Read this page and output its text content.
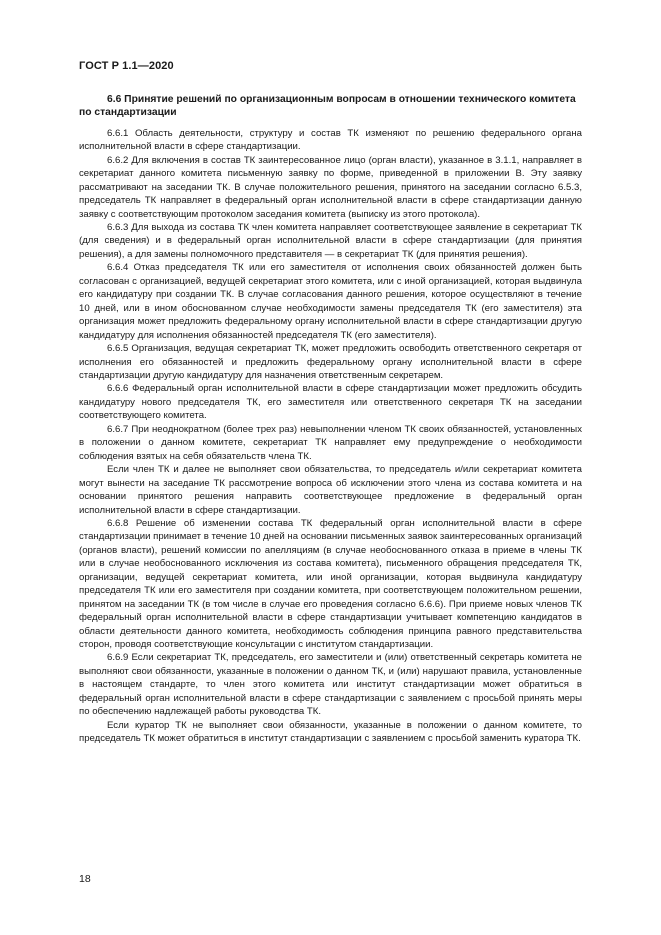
ГОСТ Р 1.1—2020
6.6 Принятие решений по организационным вопросам в отношении технического комитета по стандартизации

6.6.1 Область деятельности, структуру и состав ТК изменяют по решению федерального органа исполнительной власти в сфере стандартизации.

6.6.2 Для включения в состав ТК заинтересованное лицо (орган власти), указанное в 3.1.1, направляет в секретариат данного комитета письменную заявку по форме, приведенной в приложении В. Эту заявку рассматривают на заседании ТК. В случае положительного решения, принятого на заседании согласно 6.5.3, председатель ТК направляет в федеральный орган исполнительной власти в сфере стандартизации данную заявку с соответствующим протоколом заседания комитета (выписку из этого протокола).

6.6.3 Для выхода из состава ТК член комитета направляет соответствующее заявление в секретариат ТК (для сведения) и в федеральный орган исполнительной власти в сфере стандартизации (для принятия решения), а для замены полномочного представителя — в секретариат ТК (для принятия решения).

6.6.4 Отказ председателя ТК или его заместителя от исполнения своих обязанностей должен быть согласован с организацией, ведущей секретариат этого комитета, или с иной организацией, которая выдвинула его кандидатуру при создании ТК. В случае согласования данного решения, которое осуществляют в течение 10 дней, или в ином обоснованном случае необходимости замены председателя ТК (его заместителя) эта организация может предложить федеральному органу исполнительной власти в сфере стандартизации другую кандидатуру для исполнения обязанностей председателя ТК (его заместителя).

6.6.5 Организация, ведущая секретариат ТК, может предложить освободить ответственного секретаря от исполнения его обязанностей и предложить федеральному органу исполнительной власти в сфере стандартизации другую кандидатуру для назначения ответственным секретарем.

6.6.6 Федеральный орган исполнительной власти в сфере стандартизации может предложить обсудить кандидатуру нового председателя ТК, его заместителя или ответственного секретаря ТК на заседании соответствующего комитета.

6.6.7 При неоднократном (более трех раз) невыполнении членом ТК своих обязанностей, установленных в положении о данном комитете, секретариат ТК направляет ему предупреждение о необходимости соблюдения взятых на себя обязательств члена ТК.

Если член ТК и далее не выполняет свои обязательства, то председатель и/или секретариат комитета могут вынести на заседание ТК рассмотрение вопроса об исключении этого члена из состава комитета и на основании принятого решения направить соответствующее предложение в федеральный орган исполнительной власти в сфере стандартизации.

6.6.8 Решение об изменении состава ТК федеральный орган исполнительной власти в сфере стандартизации принимает в течение 10 дней на основании письменных заявок заинтересованных организаций (органов власти), решений комиссии по апелляциям (в случае необоснованного отказа в приеме в члены ТК или в случае необоснованного исключения из состава комитета), письменного обращения председателя ТК, организации, ведущей секретариат комитета, или иной организации, которая выдвинула кандидатуру председателя ТК или его заместителя при создании комитета, при соответствующем положительном решении, принятом на заседании ТК (в том числе в случае его проведения согласно 6.6.6). При приеме новых членов ТК федеральный орган исполнительной власти в сфере стандартизации учитывает компетенцию кандидатов в области деятельности данного комитета, необходимость соблюдения принципа равного представительства сторон, проводя соответствующие консультации с институтом стандартизации.

6.6.9 Если секретариат ТК, председатель, его заместители и (или) ответственный секретарь комитета не выполняют свои обязанности, указанные в положении о данном ТК, и (или) нарушают правила, установленные в настоящем стандарте, то член этого комитета или институт стандартизации может обратиться в федеральный орган исполнительной власти в сфере стандартизации с заявлением с просьбой принять меры по обеспечению надлежащей работы руководства ТК.

Если куратор ТК не выполняет свои обязанности, указанные в положении о данном комитете, то председатель ТК может обратиться в институт стандартизации с заявлением с просьбой заменить куратора ТК.

18
